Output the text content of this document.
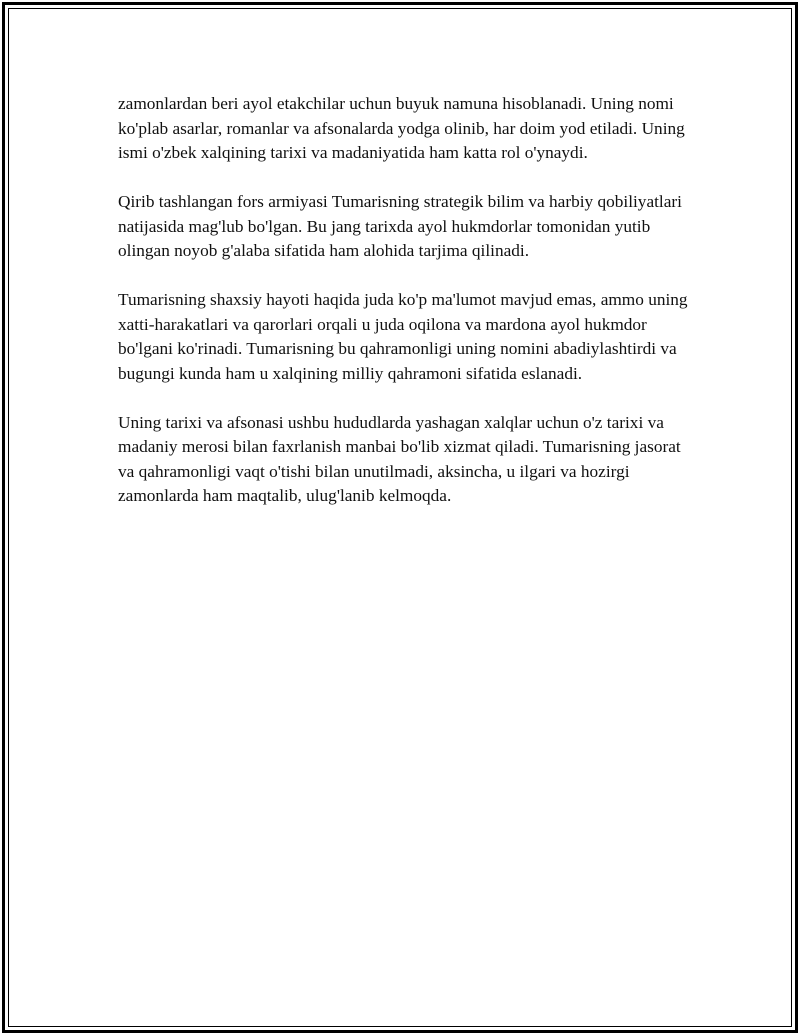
zamonlardan beri ayol etakchilar uchun buyuk namuna hisoblanadi. Uning nomi ko'plab asarlar, romanlar va afsonalarda yodga olinib, har doim yod etiladi. Uning ismi o'zbek xalqining tarixi va madaniyatida ham katta rol o'ynaydi.

Qirib tashlangan fors armiyasi Tumarisning strategik bilim va harbiy qobiliyatlari natijasida mag'lub bo'lgan. Bu jang tarixda ayol hukmdorlar tomonidan yutib olingan noyob g'alaba sifatida ham alohida tarjima qilinadi.

Tumarisning shaxsiy hayoti haqida juda ko'p ma'lumot mavjud emas, ammo uning xatti-harakatlari va qarorlari orqali u juda oqilona va mardona ayol hukmdor bo'lgani ko'rinadi. Tumarisning bu qahramonligi uning nomini abadiylashtirdi va bugungi kunda ham u xalqining milliy qahramoni sifatida eslanadi.

Uning tarixi va afsonasi ushbu hududlarda yashagan xalqlar uchun o'z tarixi va madaniy merosi bilan faxrlanish manbai bo'lib xizmat qiladi. Tumarisning jasorat va qahramonligi vaqt o'tishi bilan unutilmadi, aksincha, u ilgari va hozirgi zamonlarda ham maqtalib, ulug'lanib kelmoqda.
